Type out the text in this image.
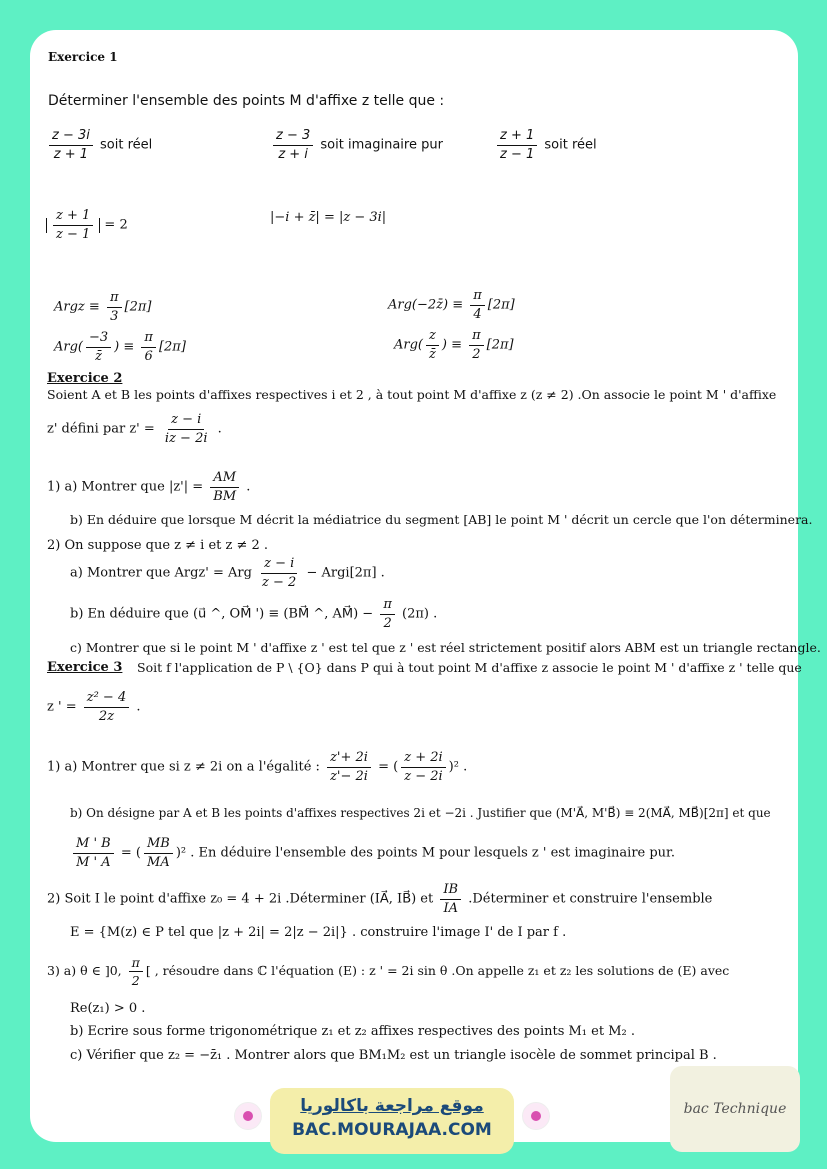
Exercice 1
Déterminer l'ensemble des points M d'affixe z telle que :
$\frac{z - 3i}{z + 1}$ soit réel	$\frac{z - 3}{z + i}$ soit imaginaire pur	$\frac{z + 1}{z - 1}$ soit réel
$\frac{z + 1}{z - 1} = 2$
|−i + z̄| = |z − 3i|
Argz ≡ $\frac{\pi}{3} [2\pi]$	Arg(−2z̄) ≡ $\frac{\pi}{4} [2\pi]$
$Arg( \frac{-3}{z̄}$ ) ≡ $\frac{\pi}{6} [2\pi]$	$Arg( \frac{z}{z̄}$ ) ≡ $\frac{\pi}{2} [2\pi]$
Exercice 2
Soient A et B les points d'affixes respectives i et 2 , à tout point M d'affixe z (z ≠ 2) .On associe le point M ' d'affixe
z' défini par $z' = \frac{z - i}{iz - 2i}$ .
1) a) Montrer que $|z'| = \frac{AM}{BM}$ .
b) En déduire que lorsque M décrit la médiatrice du segment [AB] le point M ' décrit un cercle que l'on déterminera.
2) On suppose que z ≠ i et z ≠ 2 .
a) Montrer que Argz' = Arg $\frac{z - i}{z - 2}$ − Argi[2π] .
b) En déduire que (u⃗ ^, OM⃗ ') ≡ (BM⃗ ^, AM⃗) − $\frac{\pi}{2} (2\pi)$ .
c) Montrer que si le point M ' d'affixe z ' est tel que z ' est réel strictement positif alors ABM est un triangle rectangle.
Exercice 3 Soit f l'application de P \ {O} dans P qui à tout point M d'affixe z associe le point M ' d'affixe z ' telle que
z ' = $\frac{\text{z² − 4}}{2z}$ .
1) a) Montrer que si z ≠ 2i on a l'égalité : $\frac{z'+ 2i}{z'- 2i}$ = ( $\frac{z + 2i}{z - 2i} )^2$ .
b) On désigne par A et B les points d'affixes respectives 2i et −2i . Justifier que (M'A⃗, M'B⃗) ≡ 2(MA⃗, MB⃗)[2π] et que
$\frac{M ' B}{M ' A}$ = ( $\frac{MB}{MA} )^2$ . En déduire l'ensemble des points M pour lesquels z ' est imaginaire pur.
2) Soit I le point d'affixe z₀ = 4 + 2i .Déterminer (IA⃗, IB⃗) et $\frac{IB}{IA}$ .Déterminer et construire l'ensemble
E = {M(z) ∈ P tel que |z + 2i| = 2|z − 2i|} . construire l'image I' de I par f .
3) a) θ ∈ ]0, $\frac{\pi}{2}$ [ , résoudre dans ℂ l'équation (E) : z ' = 2i sin θ .On appelle z₁ et z₂ les solutions de (E) avec
Re(z₁) > 0 .
b) Ecrire sous forme trigonométrique z₁ et z₂ affixes respectives des points M₁ et M₂ .
c) Vérifier que z₂ = −z̄₁ . Montrer alors que BM₁M₂ est un triangle isocèle de sommet principal B .
موقع مراجعة باكالوريا
BAC.MOURAJAA.COM
bac Technique
